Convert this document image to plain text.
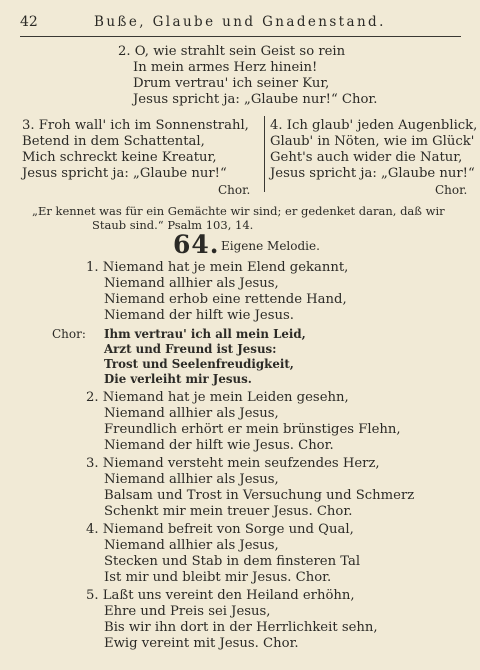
42	Buße, Glaube und Gnadenstand.
2. O, wie strahlt sein Geist so rein
In mein armes Herz hinein!
Drum vertrau' ich seiner Kur,
Jesus spricht ja: „Glaube nur!“ Chor.
3. Froh wall' ich im Sonnenstrahl,
Betend in dem Schattental,
Mich schreckt keine Kreatur,
Jesus spricht ja: „Glaube nur!“
Chor.
4. Ich glaub' jeden Augenblick,
Glaub' in Nöten, wie im Glück'
Geht's auch wider die Natur,
Jesus spricht ja: „Glaube nur!“
Chor.
„Er kennet was für ein Gemächte wir sind; er gedenket daran, daß wir
Staub sind.“ Psalm 103, 14.
64. Eigene Melodie.
1. Niemand hat je mein Elend gekannt,
Niemand allhier als Jesus,
Niemand erhob eine rettende Hand,
Niemand der hilft wie Jesus.
Chor: Ihm vertrau' ich all mein Leid,
Arzt und Freund ist Jesus:
Trost und Seelenfreudigkeit,
Die verleiht mir Jesus.
2. Niemand hat je mein Leiden gesehn,
Niemand allhier als Jesus,
Freundlich erhört er mein brünstiges Flehn,
Niemand der hilft wie Jesus. Chor.
3. Niemand versteht mein seufzendes Herz,
Niemand allhier als Jesus,
Balsam und Trost in Versuchung und Schmerz
Schenkt mir mein treuer Jesus. Chor.
4. Niemand befreit von Sorge und Qual,
Niemand allhier als Jesus,
Stecken und Stab in dem finsteren Tal
Ist mir und bleibt mir Jesus. Chor.
5. Laßt uns vereint den Heiland erhöhn,
Ehre und Preis sei Jesus,
Bis wir ihn dort in der Herrlichkeit sehn,
Ewig vereint mit Jesus. Chor.
